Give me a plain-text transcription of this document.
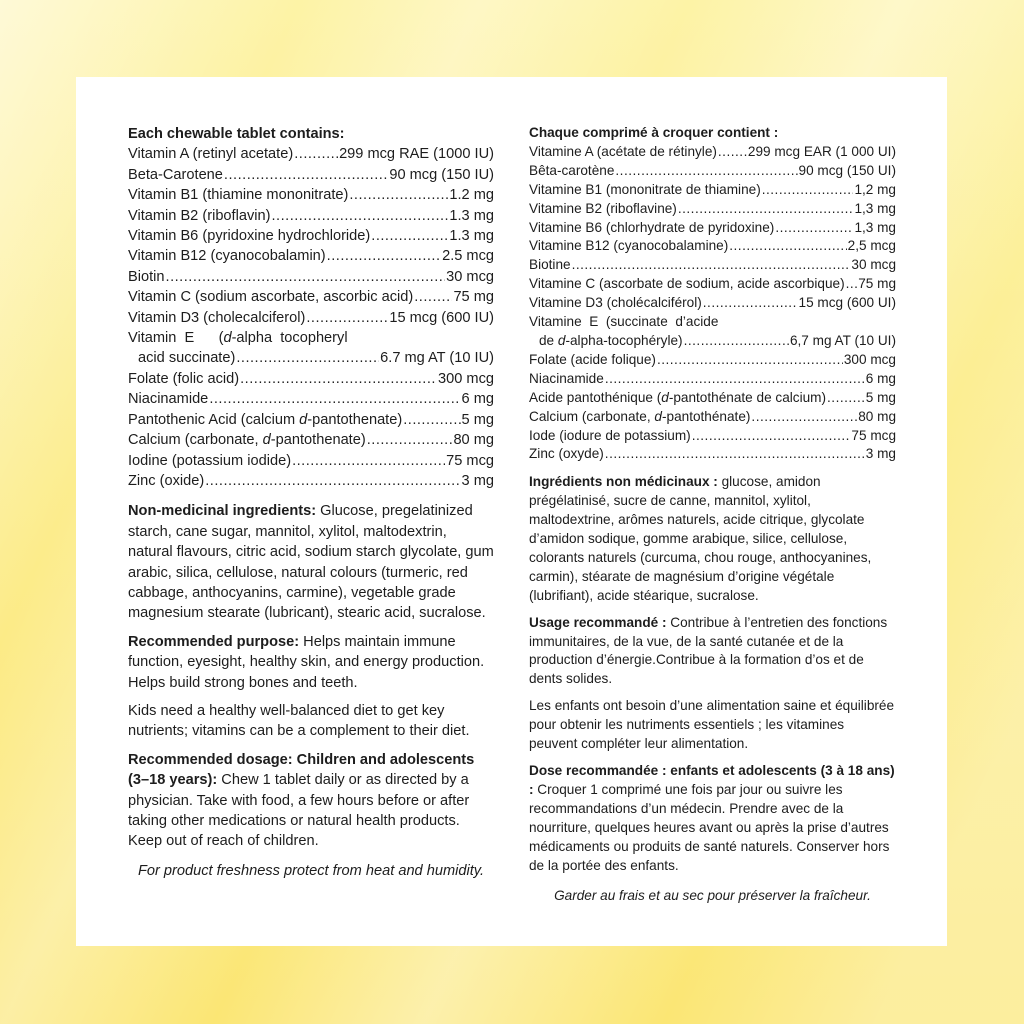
Each chewable tablet contains:

Vitamin A (retinyl acetate) .....	299 mcg RAE (1000 IU)
Beta-Carotene .....	90 mcg (150 IU)
Vitamin B1 (thiamine mononitrate) .....	1.2 mg
Vitamin B2 (riboflavin) .....	1.3 mg
Vitamin B6 (pyridoxine hydrochloride) .....	1.3 mg
Vitamin B12 (cyanocobalamin) .....	2.5 mcg
Biotin .....	30 mcg
Vitamin C (sodium ascorbate, ascorbic acid) .....	75 mg
Vitamin D3 (cholecalciferol) .....	15 mcg (600 IU)
Vitamin  E      (d-alpha  tocopheryl
acid succinate) .....	6.7 mg AT (10 IU)
Folate (folic acid) .....	300 mcg
Niacinamide .....	6 mg
Pantothenic Acid (calcium d-pantothenate) .....	5 mg
Calcium (carbonate, d-pantothenate) .....	80 mg
Iodine (potassium iodide) .....	75 mcg
Zinc (oxide) .....	3 mg

Non-medicinal ingredients: Glucose, pregelatinized starch, cane sugar, mannitol, xylitol, maltodextrin, natural flavours, citric acid, sodium starch glycolate, gum arabic, silica, cellulose, natural colours (turmeric, red cabbage, anthocyanins, carmine), vegetable grade magnesium stearate (lubricant), stearic acid, sucralose.

Recommended purpose: Helps maintain immune function, eyesight, healthy skin, and energy production. Helps build strong bones and teeth.

Kids need a healthy well-balanced diet to get key nutrients; vitamins can be a complement to their diet.

Recommended dosage: Children and adolescents (3–18 years): Chew 1 tablet daily or as directed by a physician. Take with food, a few hours before or after taking other medications or natural health products. Keep out of reach of children.

For product freshness protect from heat and humidity.

Chaque comprimé à croquer contient :

Vitamine A (acétate de rétinyle) ..... 299 mcg EAR (1 000 UI)
Bêta-carotène .....	90 mcg (150 UI)
Vitamine B1 (mononitrate de thiamine) .....	1,2 mg
Vitamine B2 (riboflavine) .....	1,3 mg
Vitamine B6 (chlorhydrate de pyridoxine) .....	1,3 mg
Vitamine B12 (cyanocobalamine) .....	2,5 mcg
Biotine .....	30 mcg
Vitamine C (ascorbate de sodium, acide ascorbique) ..... 75 mg
Vitamine D3 (cholécalciférol) .....	15 mcg (600 UI)
Vitamine  E  (succinate  d’acide
de d-alpha-tocophéryle) .....	6,7 mg AT (10 UI)
Folate (acide folique) .....	300 mcg
Niacinamide .....	6 mg
Acide pantothénique (d-pantothénate de calcium) .....	5 mg
Calcium (carbonate, d-pantothénate) .....	80 mg
Iode (iodure de potassium) .....	75 mcg
Zinc (oxyde) .....	3 mg

Ingrédients non médicinaux : glucose, amidon prégélatinisé, sucre de canne, mannitol, xylitol, maltodextrine, arômes naturels, acide citrique, glycolate d’amidon sodique, gomme arabique, silice, cellulose, colorants naturels (curcuma, chou rouge, anthocyanines, carmin), stéarate de magnésium d’origine végétale (lubrifiant), acide stéarique, sucralose.

Usage recommandé : Contribue à l’entretien des fonctions immunitaires, de la vue, de la santé cutanée et de la production d’énergie.Contribue à la formation d’os et de dents solides.

Les enfants ont besoin d’une alimentation saine et équilibrée pour obtenir les nutriments essentiels ; les vitamines peuvent compléter leur alimentation.

Dose recommandée : enfants et adolescents (3 à 18 ans) : Croquer 1 comprimé une fois par jour ou suivre les recommandations d’un médecin. Prendre avec de la nourriture, quelques heures avant ou après la prise d’autres médicaments ou produits de santé naturels. Conserver hors de la portée des enfants.

Garder au frais et au sec pour préserver la fraîcheur.
